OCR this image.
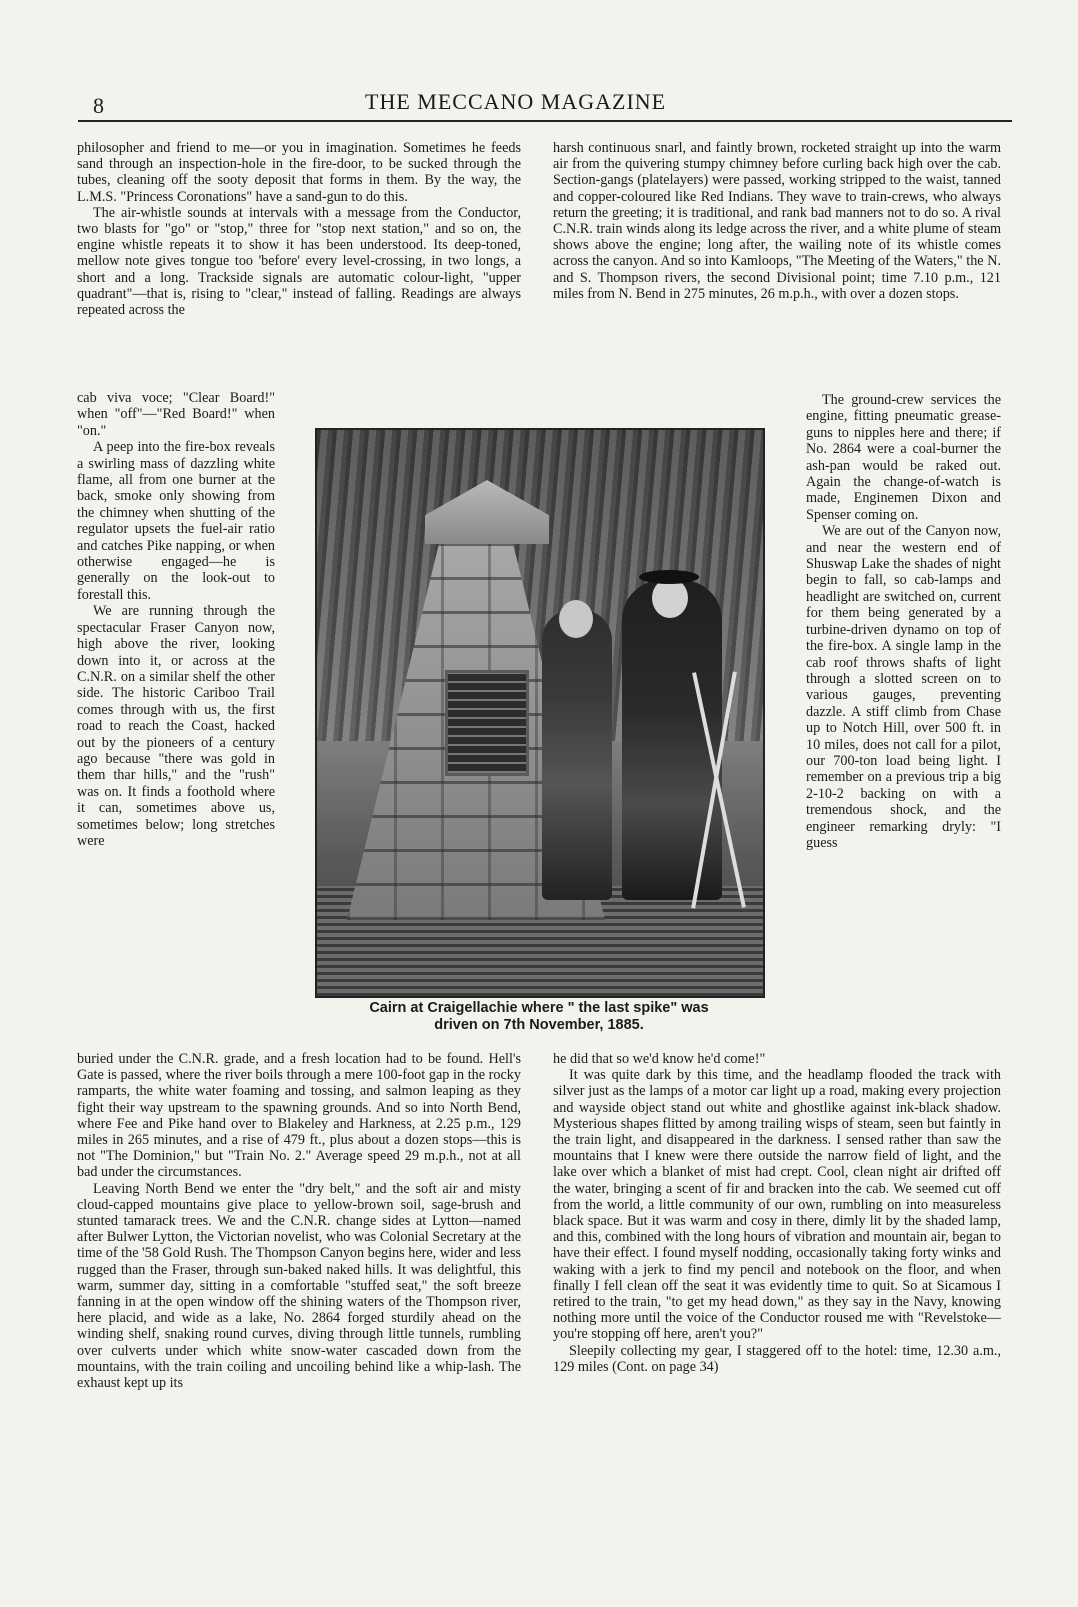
8	THE MECCANO MAGAZINE

philosopher and friend to me—or you in imagination. Sometimes he feeds sand through an inspection-hole in the fire-door, to be sucked through the tubes, cleaning off the sooty deposit that forms in them. By the way, the L.M.S. "Princess Coronations" have a sand-gun to do this.

The air-whistle sounds at intervals with a message from the Conductor, two blasts for "go" or "stop," three for "stop next station," and so on, the engine whistle repeats it to show it has been understood. Its deep-toned, mellow note gives tongue too 'before' every level-crossing, in two longs, a short and a long. Trackside signals are automatic colour-light, "upper quadrant"—that is, rising to "clear," instead of falling. Readings are always repeated across the

cab viva voce; "Clear Board!" when "off"—"Red Board!" when "on."

A peep into the fire-box reveals a swirling mass of dazzling white flame, all from one burner at the back, smoke only showing from the chimney when shutting of the regulator upsets the fuel-air ratio and catches Pike napping, or when otherwise engaged—he is generally on the look-out to forestall this.

We are running through the spectacular Fraser Canyon now, high above the river, looking down into it, or across at the C.N.R. on a similar shelf the other side. The historic Cariboo Trail comes through with us, the first road to reach the Coast, hacked out by the pioneers of a century ago because "there was gold in them thar hills," and the "rush" was on. It finds a foothold where it can, sometimes above us, sometimes below; long stretches were

buried under the C.N.R. grade, and a fresh location had to be found. Hell's Gate is passed, where the river boils through a mere 100-foot gap in the rocky ramparts, the white water foaming and tossing, and salmon leaping as they fight their way upstream to the spawning grounds. And so into North Bend, where Fee and Pike hand over to Blakeley and Harkness, at 2.25 p.m., 129 miles in 265 minutes, and a rise of 479 ft., plus about a dozen stops—this is not "The Dominion," but "Train No. 2." Average speed 29 m.p.h., not at all bad under the circumstances.

Leaving North Bend we enter the "dry belt," and the soft air and misty cloud-capped mountains give place to yellow-brown soil, sage-brush and stunted tamarack trees. We and the C.N.R. change sides at Lytton—named after Bulwer Lytton, the Victorian novelist, who was Colonial Secretary at the time of the '58 Gold Rush. The Thompson Canyon begins here, wider and less rugged than the Fraser, through sun-baked naked hills. It was delightful, this warm, summer day, sitting in a comfortable "stuffed seat," the soft breeze fanning in at the open window off the shining waters of the Thompson river, here placid, and wide as a lake, No. 2864 forged sturdily ahead on the winding shelf, snaking round curves, diving through little tunnels, rumbling over culverts under which white snow-water cascaded down from the mountains, with the train coiling and uncoiling behind like a whip-lash. The exhaust kept up its

harsh continuous snarl, and faintly brown, rocketed straight up into the warm air from the quivering stumpy chimney before curling back high over the cab. Section-gangs (platelayers) were passed, working stripped to the waist, tanned and copper-coloured like Red Indians. They wave to train-crews, who always return the greeting; it is traditional, and rank bad manners not to do so. A rival C.N.R. train winds along its ledge across the river, and a white plume of steam shows above the engine; long after, the wailing note of its whistle comes across the canyon. And so into Kamloops, "The Meeting of the Waters," the N. and S. Thompson rivers, the second Divisional point; time 7.10 p.m., 121 miles from N. Bend in 275 minutes, 26 m.p.h., with over a dozen stops.

The ground-crew services the engine, fitting pneumatic grease-guns to nipples here and there; if No. 2864 were a coal-burner the ash-pan would be raked out. Again the change-of-watch is made, Enginemen Dixon and Spenser coming on.

We are out of the Canyon now, and near the western end of Shuswap Lake the shades of night begin to fall, so cab-lamps and headlight are switched on, current for them being generated by a turbine-driven dynamo on top of the fire-box. A single lamp in the cab roof throws shafts of light through a slotted screen on to various gauges, preventing dazzle. A stiff climb from Chase up to Notch Hill, over 500 ft. in 10 miles, does not call for a pilot, our 700-ton load being light. I remember on a previous trip a big 2-10-2 backing on with a tremendous shock, and the engineer remarking dryly: "I guess

he did that so we'd know he'd come!"

It was quite dark by this time, and the headlamp flooded the track with silver just as the lamps of a motor car light up a road, making every projection and wayside object stand out white and ghostlike against ink-black shadow. Mysterious shapes flitted by among trailing wisps of steam, seen but faintly in the train light, and disappeared in the darkness. I sensed rather than saw the mountains that I knew were there outside the narrow field of light, and the lake over which a blanket of mist had crept. Cool, clean night air drifted off the water, bringing a scent of fir and bracken into the cab. We seemed cut off from the world, a little community of our own, rumbling on into measureless black space. But it was warm and cosy in there, dimly lit by the shaded lamp, and this, combined with the long hours of vibration and mountain air, began to have their effect. I found myself nodding, occasionally taking forty winks and waking with a jerk to find my pencil and notebook on the floor, and when finally I fell clean off the seat it was evidently time to quit. So at Sicamous I retired to the train, "to get my head down," as they say in the Navy, knowing nothing more until the voice of the Conductor roused me with "Revelstoke—you're stopping off here, aren't you?"

Sleepily collecting my gear, I staggered off to the hotel: time, 12.30 a.m., 129 miles (Cont. on page 34)

Cairn at Craigellachie where " the last spike" was
driven on 7th November, 1885.
